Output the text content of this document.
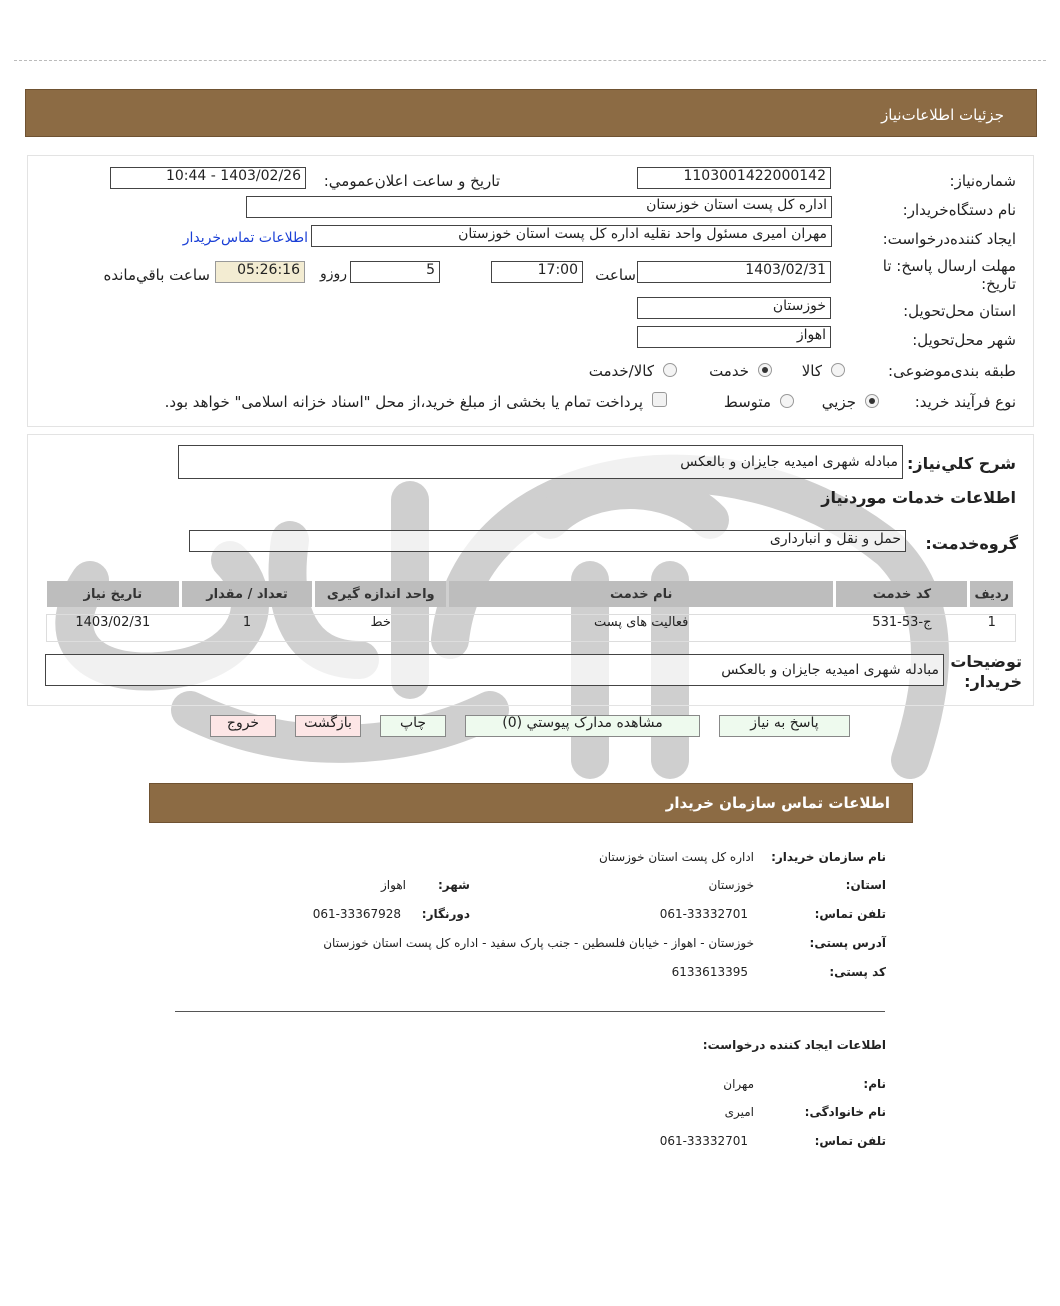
جزئيات اطلاعات‌نياز
شماره‌نياز:
1103001422000142
تاريخ و ساعت اعلان‌عمومي:
1403/02/26 - 10:44
نام دستگاه‌خريدار:
اداره کل پست استان خوزستان
ايجاد کننده‌درخواست:
مهران اميری مسئول واحد نقلیه اداره کل پست استان خوزستان
اطلاعات تماس‌خريدار
مهلت ارسال پاسخ: تا تاريخ:
1403/02/31
ساعت
17:00
5
روزو
05:26:16
ساعت باقي‌مانده
استان محل‌تحويل:
خوزستان
شهر محل‌تحويل:
اهواز
طبقه بندی‌موضوعی:
کالا
خدمت
کالا/خدمت
نوع فرآيند خريد:
جزيي
متوسط
پرداخت تمام يا بخشی از مبلغ خريد،از محل "اسناد خزانه اسلامی" خواهد بود.
شرح کلي‌نياز:
مبادله شهری امیدیه جایزان و بالعکس
اطلاعات خدمات موردنياز
گروه‌خدمت:
حمل و نقل و انبارداری
رديف	کد خدمت	نام خدمت	واحد اندازه گيری	تعداد / مقدار	تاريخ نياز
1	ج-53-531	فعالیت های پست	خط	1	1403/02/31
توضيحات خريدار:
مبادله شهری امیدیه جایزان و بالعکس
پاسخ به نياز
مشاهده مدارک پيوستي (0)
چاپ
بازگشت
خروج
اطلاعات تماس سازمان خريدار
نام سازمان خريدار:
اداره کل پست استان خوزستان
استان:
خوزستان
شهر:
اهواز
تلفن تماس:
061-33332701
دورنگار:
061-33367928
آدرس پستی:
خوزستان - اهواز - خيابان فلسطين - جنب پارک سفيد - اداره کل پست استان خوزستان
کد پستی:
6133613395
اطلاعات ايجاد كننده درخواست:
نام:
مهران
نام خانوادگی:
اميری
تلفن تماس:
061-33332701
